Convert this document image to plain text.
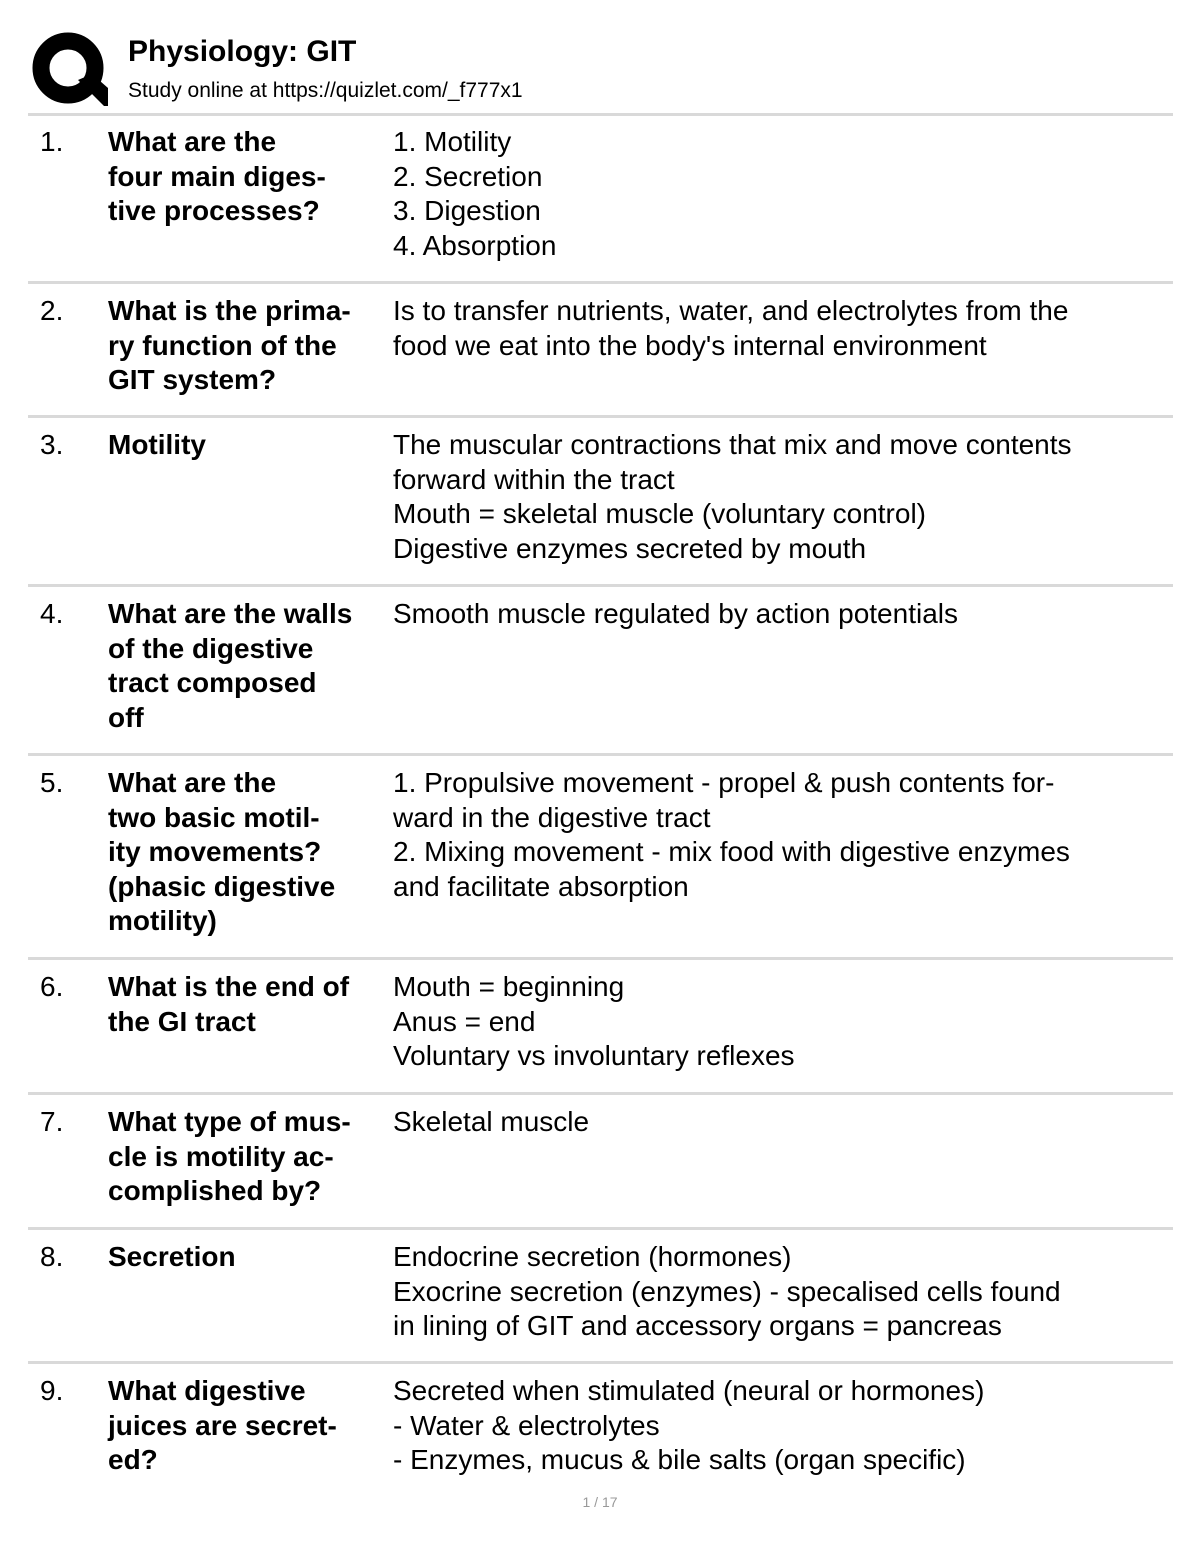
Physiology: GIT
Study online at https://quizlet.com/_f777x1
1. What are the
four main diges-
tive processes?
1. Motility
2. Secretion
3. Digestion
4. Absorption
2. What is the prima-
ry function of the
GIT system?
Is to transfer nutrients, water, and electrolytes from the
food we eat into the body's internal environment
3. Motility	The muscular contractions that mix and move contents
forward within the tract
Mouth = skeletal muscle (voluntary control)
Digestive enzymes secreted by mouth
4. What are the walls
of the digestive
tract composed
off
Smooth muscle regulated by action potentials
5. What are the
two basic motil-
ity movements?
(phasic digestive
motility)
1. Propulsive movement - propel & push contents for-
ward in the digestive tract
2. Mixing movement - mix food with digestive enzymes
and facilitate absorption
6. What is the end of
the GI tract
Mouth = beginning
Anus = end
Voluntary vs involuntary reflexes
7. What type of mus-
cle is motility ac-
complished by?
Skeletal muscle
8. Secretion	Endocrine secretion (hormones)
Exocrine secretion (enzymes) - specalised cells found
in lining of GIT and accessory organs = pancreas
9. What digestive
juices are secret-
ed?
Secreted when stimulated (neural or hormones)
- Water & electrolytes
- Enzymes, mucus & bile salts (organ specific)
1 / 17
